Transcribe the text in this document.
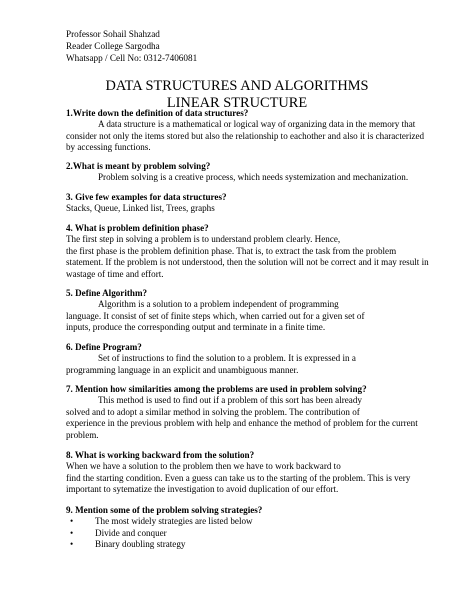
Professor Sohail Shahzad
Reader College Sargodha
Whatsapp / Cell No: 0312-7406081
DATA STRUCTURES AND ALGORITHMS
LINEAR STRUCTURE
1.Write down the definition of data structures?
A data structure is a mathematical or logical way of organizing data in the memory that
consider not only the items stored but also the relationship to eachother and also it is characterized
by accessing functions.
2.What is meant by problem solving?
Problem solving is a creative process, which needs systemization and mechanization.
3. Give few examples for data structures?
Stacks, Queue, Linked list, Trees, graphs
4. What is problem definition phase?
The first step in solving a problem is to understand problem clearly. Hence,
the first phase is the problem definition phase. That is, to extract the task from the problem
statement. If the problem is not understood, then the solution will not be correct and it may result in
wastage of time and effort.
5. Define Algorithm?
Algorithm is a solution to a problem independent of programming
language. It consist of set of finite steps which, when carried out for a given set of
inputs, produce the corresponding output and terminate in a finite time.
6. Define Program?
Set of instructions to find the solution to a problem. It is expressed in a
programming language in an explicit and unambiguous manner.
7. Mention how similarities among the problems are used in problem solving?
This method is used to find out if a problem of this sort has been already
solved and to adopt a similar method in solving the problem. The contribution of
experience in the previous problem with help and enhance the method of problem for the current
problem.
8. What is working backward from the solution?
When we have a solution to the problem then we have to work backward to
find the starting condition. Even a guess can take us to the starting of the problem. This is very
important to sytematize the investigation to avoid duplication of our effort.
9. Mention some of the problem solving strategies?
• The most widely strategies are listed below
• Divide and conquer
• Binary doubling strategy
